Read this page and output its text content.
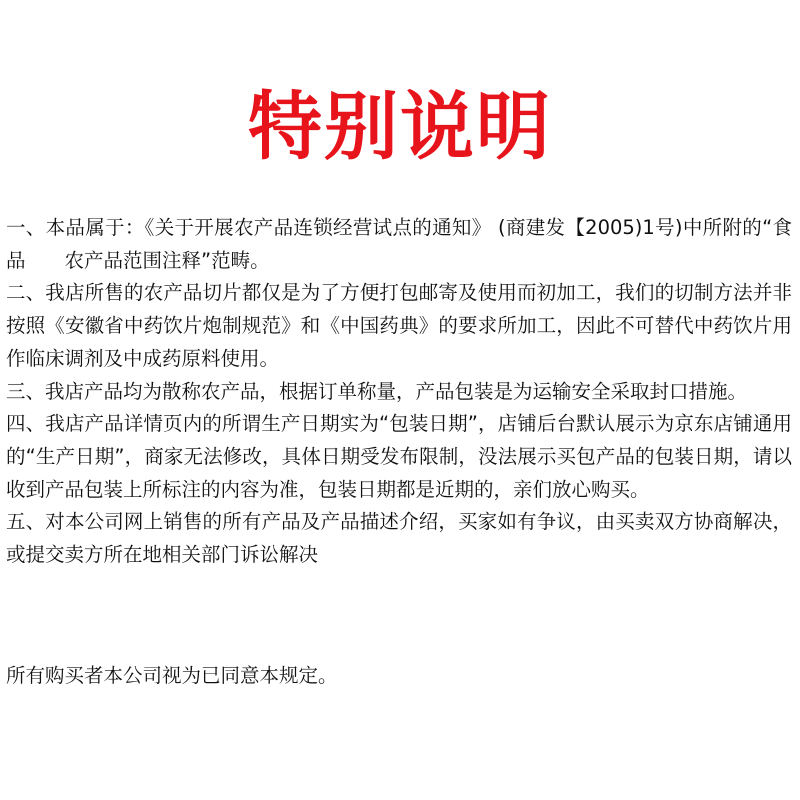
特别说明

一、本品属于：《关于开展农产品连锁经营试点的通知》 (商建发【2005)1号)中所附的“食品　　农产品范围注释”范畴。

二、我店所售的农产品切片都仅是为了方便打包邮寄及使用而初加工，我们的切制方法并非按照《安徽省中药饮片炮制规范》和《中国药典》的要求所加工，因此不可替代中药饮片用作临床调剂及中成药原料使用。

三、我店产品均为散称农产品，根据订单称量，产品包装是为运输安全采取封口措施。

四、我店产品详情页内的所谓生产日期实为“包装日期”，店铺后台默认展示为京东店铺通用的“生产日期”，商家无法修改，具体日期受发布限制，没法展示买包产品的包装日期，请以收到产品包装上所标注的内容为准，包装日期都是近期的，亲们放心购买。

五、对本公司网上销售的所有产品及产品描述介绍，买家如有争议，由买卖双方协商解决，或提交卖方所在地相关部门诉讼解决

所有购买者本公司视为已同意本规定。
